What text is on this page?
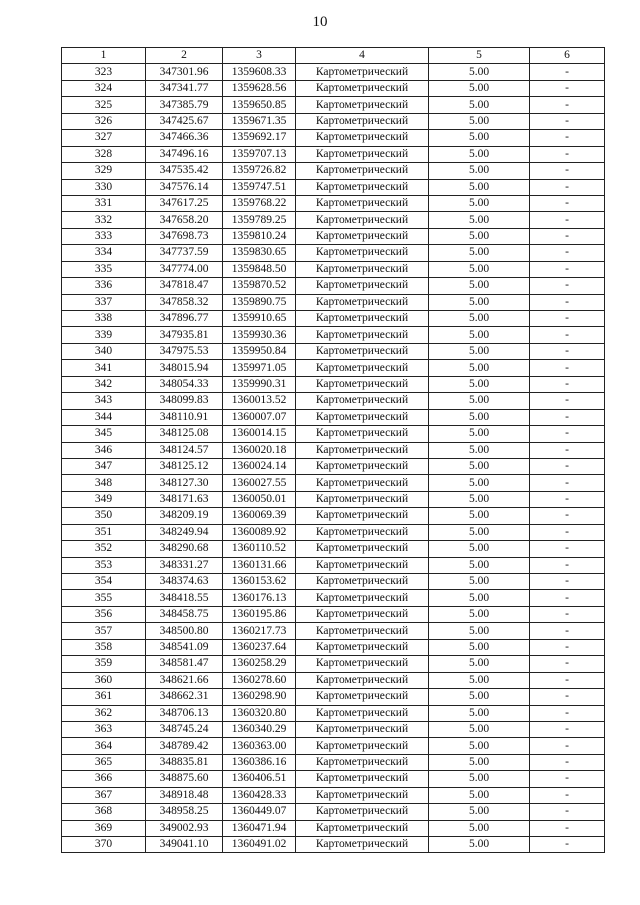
10
1	2	3	4	5	6
323	347301.96	1359608.33	Картометрический	5.00	-
324	347341.77	1359628.56	Картометрический	5.00	-
325	347385.79	1359650.85	Картометрический	5.00	-
326	347425.67	1359671.35	Картометрический	5.00	-
327	347466.36	1359692.17	Картометрический	5.00	-
328	347496.16	1359707.13	Картометрический	5.00	-
329	347535.42	1359726.82	Картометрический	5.00	-
330	347576.14	1359747.51	Картометрический	5.00	-
331	347617.25	1359768.22	Картометрический	5.00	-
332	347658.20	1359789.25	Картометрический	5.00	-
333	347698.73	1359810.24	Картометрический	5.00	-
334	347737.59	1359830.65	Картометрический	5.00	-
335	347774.00	1359848.50	Картометрический	5.00	-
336	347818.47	1359870.52	Картометрический	5.00	-
337	347858.32	1359890.75	Картометрический	5.00	-
338	347896.77	1359910.65	Картометрический	5.00	-
339	347935.81	1359930.36	Картометрический	5.00	-
340	347975.53	1359950.84	Картометрический	5.00	-
341	348015.94	1359971.05	Картометрический	5.00	-
342	348054.33	1359990.31	Картометрический	5.00	-
343	348099.83	1360013.52	Картометрический	5.00	-
344	348110.91	1360007.07	Картометрический	5.00	-
345	348125.08	1360014.15	Картометрический	5.00	-
346	348124.57	1360020.18	Картометрический	5.00	-
347	348125.12	1360024.14	Картометрический	5.00	-
348	348127.30	1360027.55	Картометрический	5.00	-
349	348171.63	1360050.01	Картометрический	5.00	-
350	348209.19	1360069.39	Картометрический	5.00	-
351	348249.94	1360089.92	Картометрический	5.00	-
352	348290.68	1360110.52	Картометрический	5.00	-
353	348331.27	1360131.66	Картометрический	5.00	-
354	348374.63	1360153.62	Картометрический	5.00	-
355	348418.55	1360176.13	Картометрический	5.00	-
356	348458.75	1360195.86	Картометрический	5.00	-
357	348500.80	1360217.73	Картометрический	5.00	-
358	348541.09	1360237.64	Картометрический	5.00	-
359	348581.47	1360258.29	Картометрический	5.00	-
360	348621.66	1360278.60	Картометрический	5.00	-
361	348662.31	1360298.90	Картометрический	5.00	-
362	348706.13	1360320.80	Картометрический	5.00	-
363	348745.24	1360340.29	Картометрический	5.00	-
364	348789.42	1360363.00	Картометрический	5.00	-
365	348835.81	1360386.16	Картометрический	5.00	-
366	348875.60	1360406.51	Картометрический	5.00	-
367	348918.48	1360428.33	Картометрический	5.00	-
368	348958.25	1360449.07	Картометрический	5.00	-
369	349002.93	1360471.94	Картометрический	5.00	-
370	349041.10	1360491.02	Картометрический	5.00	-
